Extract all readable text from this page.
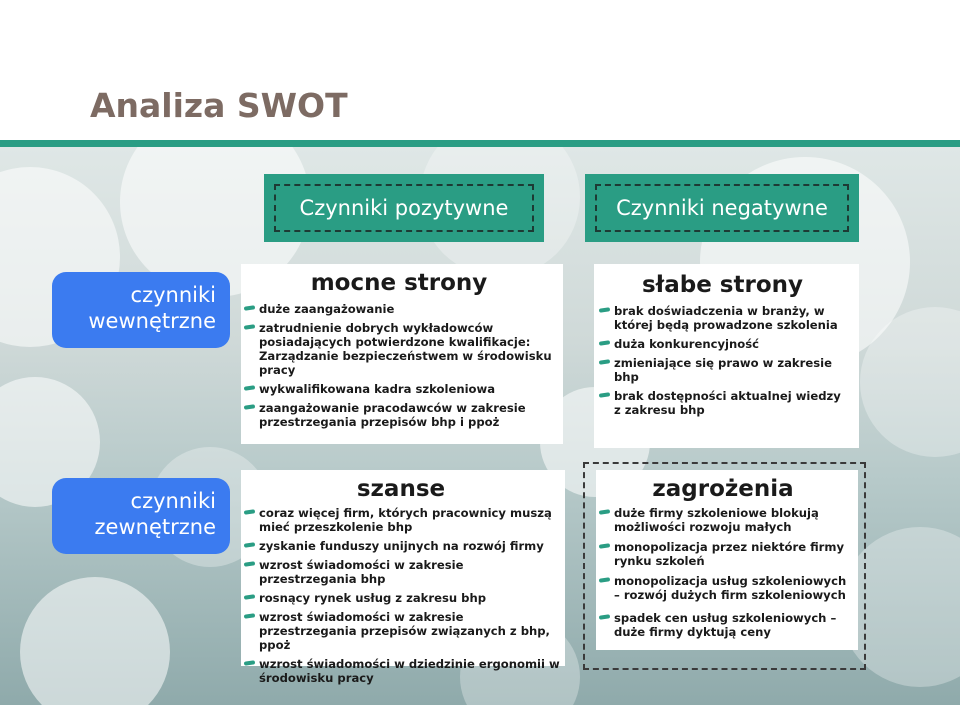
Analiza SWOT
Czynniki pozytywne	Czynniki negatywne
czynniki wewnętrzne
czynniki zewnętrzne
mocne strony
duże zaangażowanie
zatrudnienie dobrych wykładowców posiadających potwierdzone kwalifikacje: Zarządzanie bezpieczeństwem w środowisku pracy
wykwalifikowana kadra szkoleniowa
zaangażowanie pracodawców w zakresie przestrzegania przepisów bhp i ppoż
słabe strony
brak doświadczenia w branży, w której będą prowadzone szkolenia
duża konkurencyjność
zmieniające się prawo w zakresie bhp
brak dostępności aktualnej wiedzy z zakresu bhp
szanse
coraz więcej firm, których pracownicy muszą mieć przeszkolenie bhp
zyskanie funduszy unijnych na rozwój firmy
wzrost świadomości w zakresie przestrzegania bhp
rosnący rynek usług z zakresu bhp
wzrost świadomości w zakresie przestrzegania przepisów związanych z bhp, ppoż
wzrost świadomości w dziedzinie ergonomii w środowisku pracy
zagrożenia
duże firmy szkoleniowe blokują możliwości rozwoju małych
monopolizacja przez niektóre firmy rynku szkoleń
monopolizacja usług szkoleniowych – rozwój dużych firm szkoleniowych
spadek cen usług szkoleniowych – duże firmy dyktują ceny
